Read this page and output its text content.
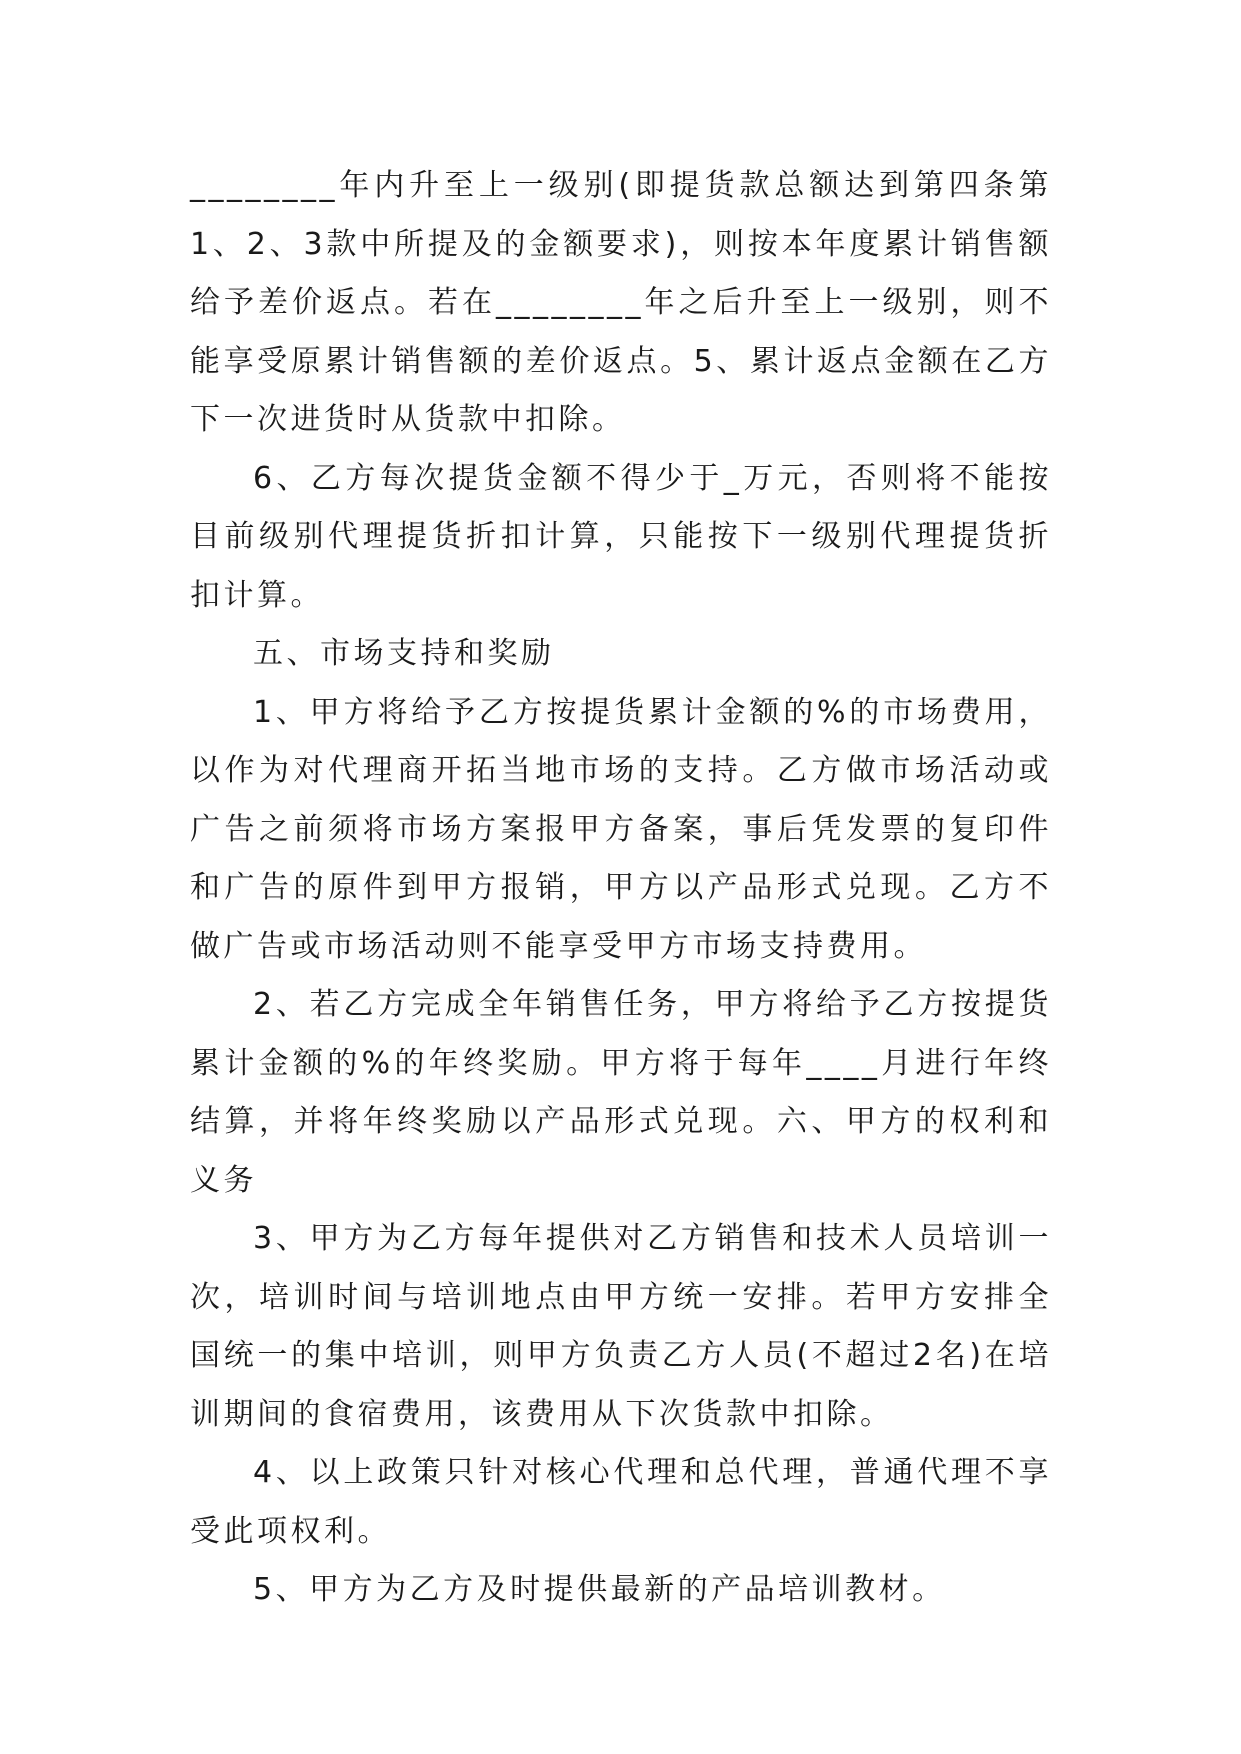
________年内升至上一级别(即提货款总额达到第四条第1、2、3款中所提及的金额要求)，则按本年度累计销售额给予差价返点。若在________年之后升至上一级别，则不能享受原累计销售额的差价返点。5、累计返点金额在乙方下一次进货时从货款中扣除。

6、乙方每次提货金额不得少于_万元，否则将不能按目前级别代理提货折扣计算，只能按下一级别代理提货折扣计算。

五、市场支持和奖励

1、甲方将给予乙方按提货累计金额的%的市场费用，以作为对代理商开拓当地市场的支持。乙方做市场活动或广告之前须将市场方案报甲方备案，事后凭发票的复印件和广告的原件到甲方报销，甲方以产品形式兑现。乙方不做广告或市场活动则不能享受甲方市场支持费用。

2、若乙方完成全年销售任务，甲方将给予乙方按提货累计金额的%的年终奖励。甲方将于每年____月进行年终结算，并将年终奖励以产品形式兑现。六、甲方的权利和义务

3、甲方为乙方每年提供对乙方销售和技术人员培训一次，培训时间与培训地点由甲方统一安排。若甲方安排全国统一的集中培训，则甲方负责乙方人员(不超过2名)在培训期间的食宿费用，该费用从下次货款中扣除。

4、以上政策只针对核心代理和总代理，普通代理不享受此项权利。

5、甲方为乙方及时提供最新的产品培训教材。
